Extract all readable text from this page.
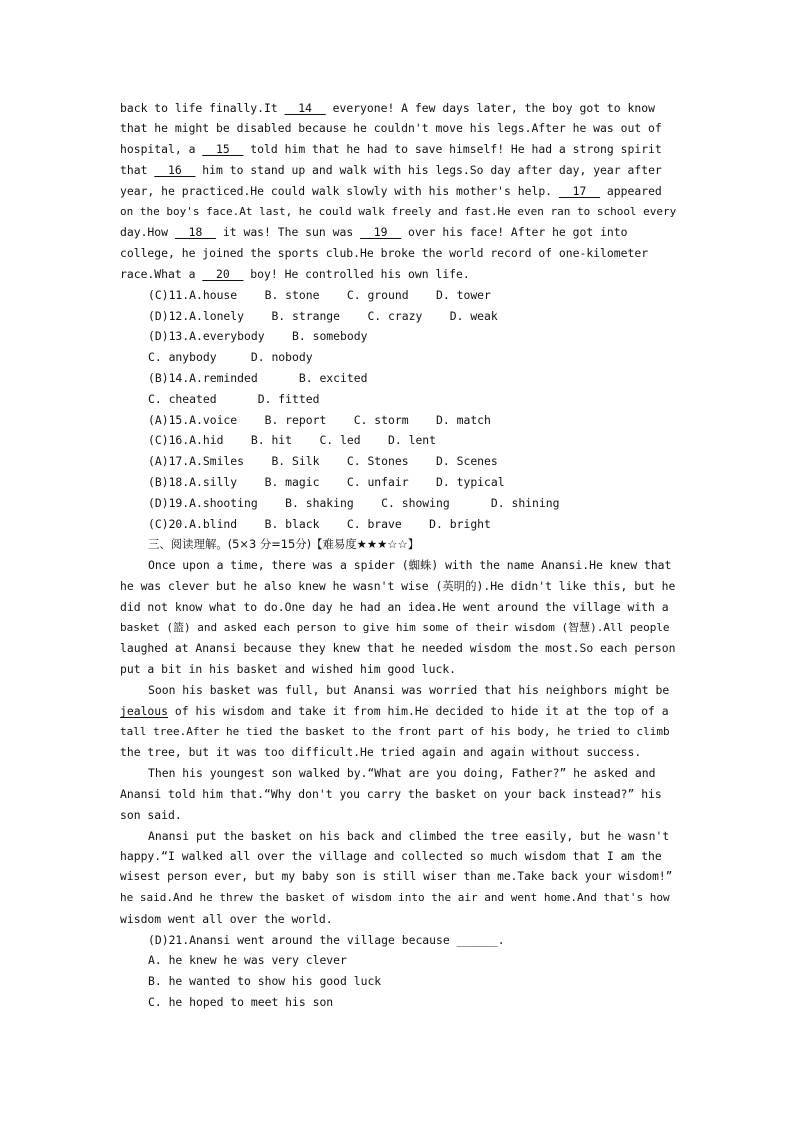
back to life finally.It   14   everyone! A few days later, the boy got to know
that he might be disabled because he couldn't move his legs.After he was out of
hospital, a   15   told him that he had to save himself! He had a strong spirit
that   16   him to stand up and walk with his legs.So day after day, year after
year, he practiced.He could walk slowly with his mother's help.   17   appeared
on the boy's face.At last, he could walk freely and fast.He even ran to school every
day.How   18   it was! The sun was   19   over his face! After he got into
college, he joined the sports club.He broke the world record of one-kilometer
race.What a   20   boy! He controlled his own life.
(C)11.A.house    B. stone    C. ground    D. tower
(D)12.A.lonely    B. strange    C. crazy    D. weak
(D)13.A.everybody    B. somebody
C. anybody     D. nobody
(B)14.A.reminded      B. excited
C. cheated      D. fitted
(A)15.A.voice    B. report    C. storm    D. match
(C)16.A.hid    B. hit    C. led    D. lent
(A)17.A.Smiles    B. Silk    C. Stones    D. Scenes
(B)18.A.silly    B. magic    C. unfair    D. typical
(D)19.A.shooting    B. shaking    C. showing      D. shining
(C)20.A.blind    B. black    C. brave    D. bright
三、阅读理解。(5×3 分=15分)【难易度★★★☆☆】
Once upon a time, there was a spider (蜘蛛) with the name Anansi.He knew that
he was clever but he also knew he wasn't wise (英明的).He didn't like this, but he
did not know what to do.One day he had an idea.He went around the village with a
basket (篮) and asked each person to give him some of their wisdom (智慧).All people
laughed at Anansi because they knew that he needed wisdom the most.So each person
put a bit in his basket and wished him good luck.
Soon his basket was full, but Anansi was worried that his neighbors might be
jealous of his wisdom and take it from him.He decided to hide it at the top of a
tall tree.After he tied the basket to the front part of his body, he tried to climb
the tree, but it was too difficult.He tried again and again without success.
Then his youngest son walked by.“What are you doing, Father?” he asked and
Anansi told him that.“Why don't you carry the basket on your back instead?” his
son said.
Anansi put the basket on his back and climbed the tree easily, but he wasn't
happy.“I walked all over the village and collected so much wisdom that I am the
wisest person ever, but my baby son is still wiser than me.Take back your wisdom!”
he said.And he threw the basket of wisdom into the air and went home.And that's how
wisdom went all over the world.
(D)21.Anansi went around the village because ______.
A. he knew he was very clever
B. he wanted to show his good luck
C. he hoped to meet his son
